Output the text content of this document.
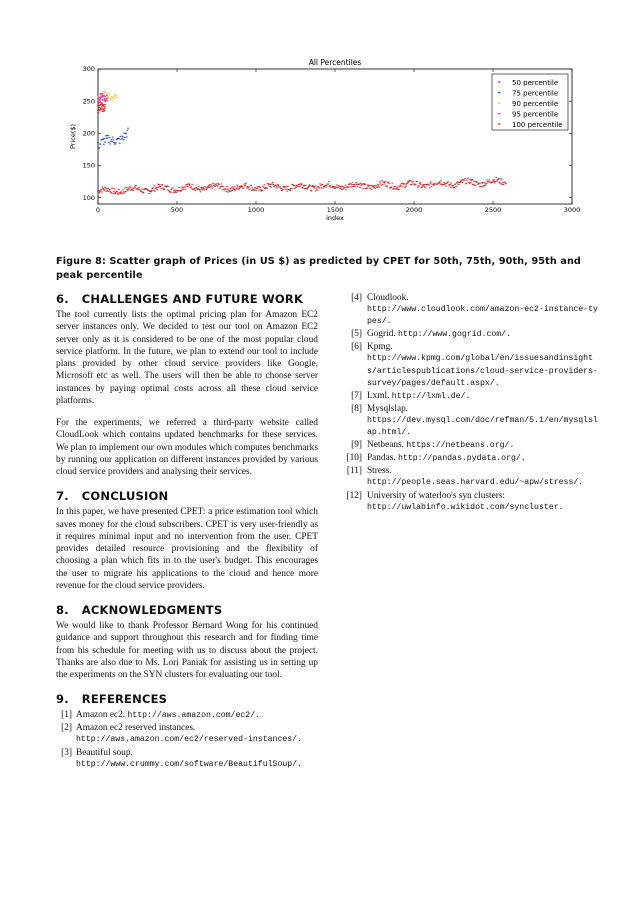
0	500	1000	1500	2000	2500	3000
100
150
200
250
300
All Percentiles
index
Price($)
50 percentile
75 percentile
90 percentile
95 percentile
100 percentile
Figure 8: Scatter graph of Prices (in US $) as predicted by CPET for 50th, 75th, 90th, 95th and peak percentile
6. CHALLENGES AND FUTURE WORK

The tool currently lists the optimal pricing plan for Amazon EC2 server instances only. We decided to test our tool on Amazon EC2 server only as it is considered to be one of the most popular cloud service platform. In the future, we plan to extend our tool to include plans provided by other cloud service providers like Google, Microsoft etc as well. The users will then be able to choose server instances by paying optimal costs across all these cloud service platforms.

For the experiments, we referred a third-party website called CloudLook which contains updated benchmarks for these services. We plan to implement our own modules which computes benchmarks by running our application on different instances provided by various cloud service providers and analysing their services.

7. CONCLUSION

In this paper, we have presented CPET: a price estimation tool which saves money for the cloud subscribers. CPET is very user-friendly as it requires minimal input and no intervention from the user. CPET provides detailed resource provisioning and the flexibility of choosing a plan which fits in to the user's budget. This encourages the user to migrate his applications to the cloud and hence more revenue for the cloud service providers.

8. ACKNOWLEDGMENTS

We would like to thank Professor Bernard Wong for his continued guidance and support throughout this research and for finding time from his schedule for meeting with us to discuss about the project. Thanks are also due to Ms. Lori Paniak for assisting us in setting up the experiments on the SYN clusters for evaluating our tool.

9. REFERENCES
[1] Amazon ec2. http://aws.amazon.com/ec2/.
[2] Amazon ec2 reserved instances.
http://aws.amazon.com/ec2/reserved-instances/.
[3] Beautiful soup.
http://www.crummy.com/software/BeautifulSoup/.
[4] Cloudlook.
http://www.cloudlook.com/amazon-ec2-instance-types/.
[5] Gogrid. http://www.gogrid.com/.
[6] Kpmg.
http://www.kpmg.com/global/en/issuesandinsights/articlespublications/cloud-service-providers-survey/pages/default.aspx/.
[7] Lxml. http://lxml.de/.
[8] Mysqlslap.
https://dev.mysql.com/doc/refman/5.1/en/mysqlslap.html/.
[9] Netbeans. https://netbeans.org/.
[10] Pandas. http://pandas.pydata.org/.
[11] Stress.
http://people.seas.harvard.edu/~apw/stress/.
[12] University of waterloo's syn clusters:
http://uwlabinfo.wikidot.com/syncluster.
